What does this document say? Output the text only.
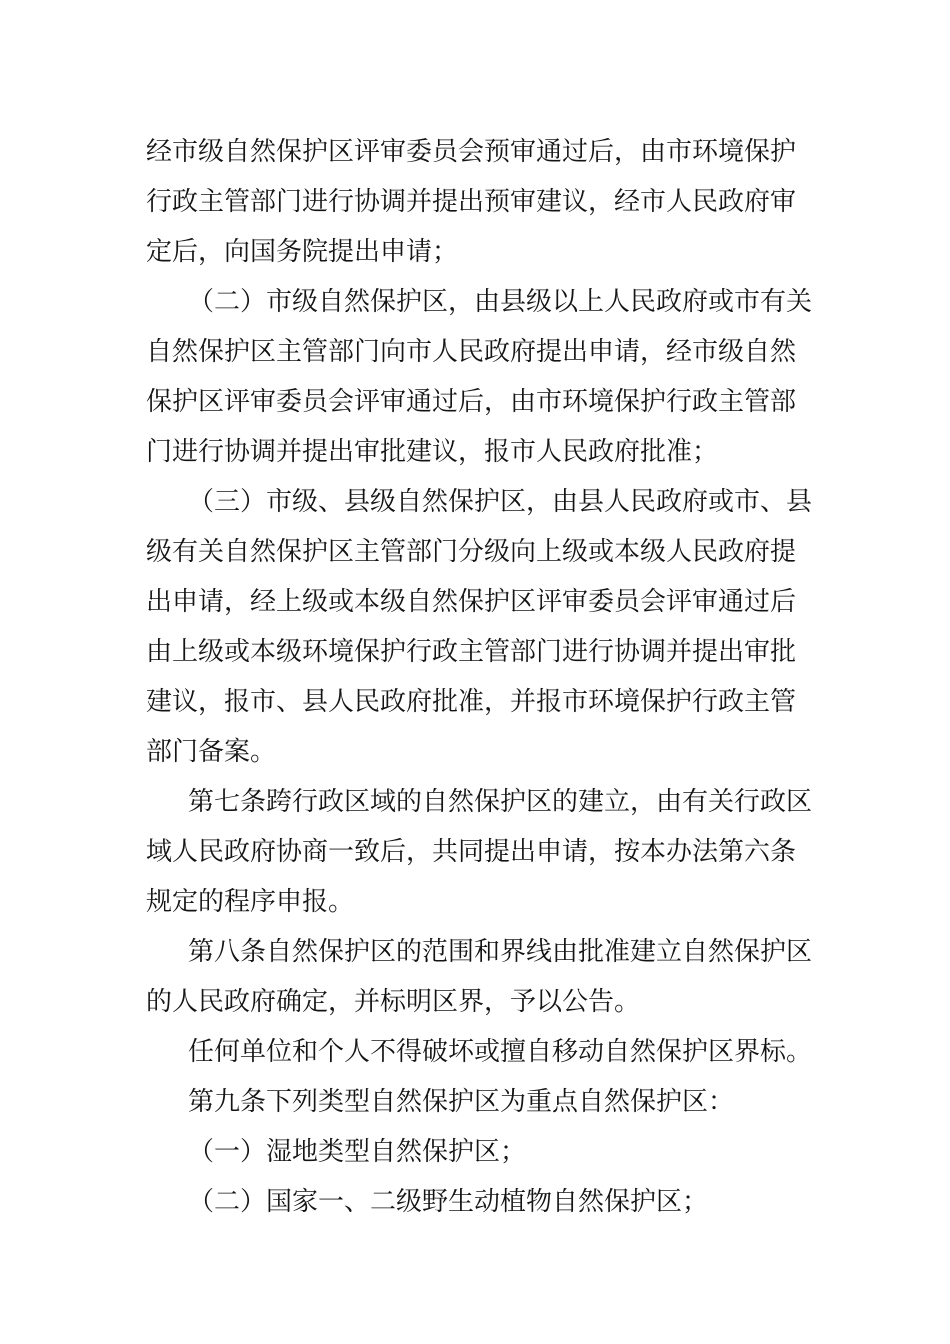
经市级自然保护区评审委员会预审通过后，由市环境保护
行政主管部门进行协调并提出预审建议，经市人民政府审
定后，向国务院提出申请；
（二）市级自然保护区，由县级以上人民政府或市有关
自然保护区主管部门向市人民政府提出申请，经市级自然
保护区评审委员会评审通过后，由市环境保护行政主管部
门进行协调并提出审批建议，报市人民政府批准；
（三）市级、县级自然保护区，由县人民政府或市、县
级有关自然保护区主管部门分级向上级或本级人民政府提
出申请，经上级或本级自然保护区评审委员会评审通过后
由上级或本级环境保护行政主管部门进行协调并提出审批
建议，报市、县人民政府批准，并报市环境保护行政主管
部门备案。
第七条跨行政区域的自然保护区的建立，由有关行政区
域人民政府协商一致后，共同提出申请，按本办法第六条
规定的程序申报。
第八条自然保护区的范围和界线由批准建立自然保护区
的人民政府确定，并标明区界，予以公告。
任何单位和个人不得破坏或擅自移动自然保护区界标。
第九条下列类型自然保护区为重点自然保护区：
（一）湿地类型自然保护区；
（二）国家一、二级野生动植物自然保护区；
